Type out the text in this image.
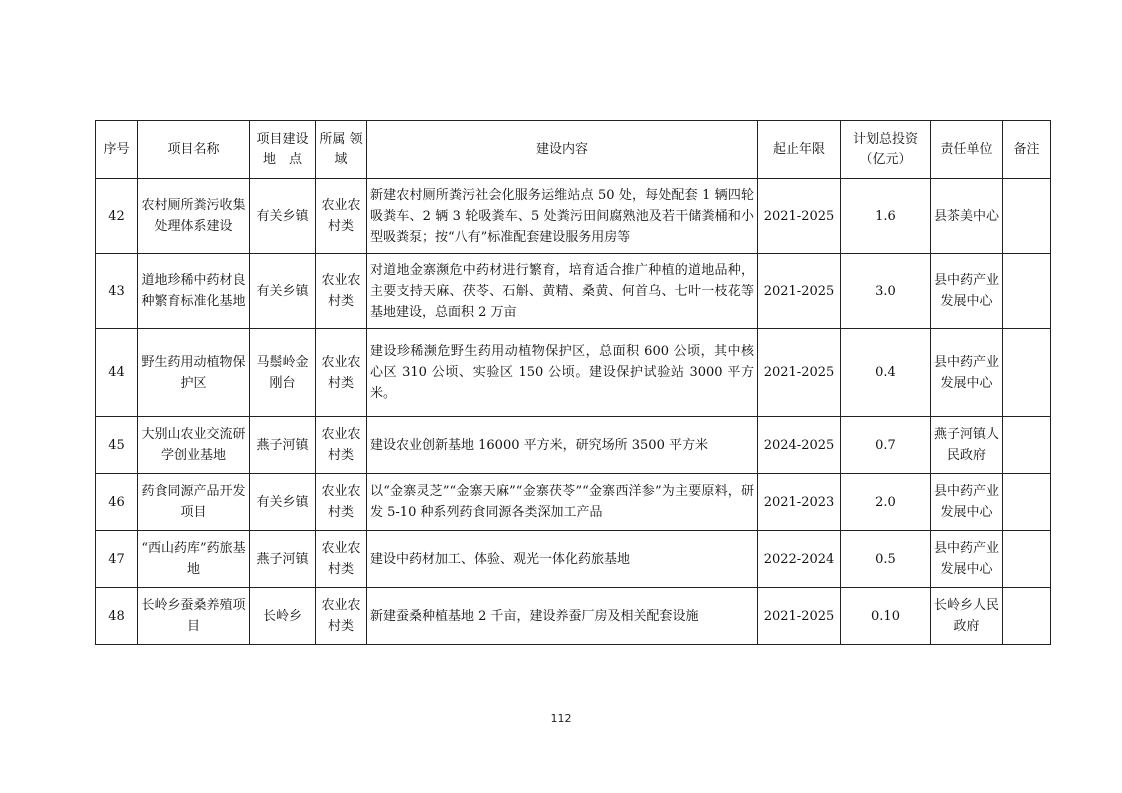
序号	项目名称	项目建设 地　点	所属 领域	建设内容	起止年限	计划总投资 （亿元）	责任单位	备注
42	农村厕所粪污收集处理体系建设	有关乡镇	农业农村类	新建农村厕所粪污社会化服务运维站点 50 处，每处配套 1 辆四轮吸粪车、2 辆 3 轮吸粪车、5 处粪污田间腐熟池及若干储粪桶和小型吸粪泵；按“八有”标准配套建设服务用房等	2021-2025	1.6	县茶美中心	
43	道地珍稀中药材良种繁育标准化基地	有关乡镇	农业农村类	对道地金寨濒危中药材进行繁育，培育适合推广种植的道地品种，主要支持天麻、茯苓、石斛、黄精、桑黄、何首乌、七叶一枝花等基地建设，总面积 2 万亩	2021-2025	3.0	县中药产业发展中心	
44	野生药用动植物保护区	马鬃岭金刚台	农业农村类	建设珍稀濒危野生药用动植物保护区，总面积 600 公顷，其中核心区 310 公顷、实验区 150 公顷。建设保护试验站 3000 平方米。	2021-2025	0.4	县中药产业发展中心	
45	大别山农业交流研学创业基地	燕子河镇	农业农村类	建设农业创新基地 16000 平方米，研究场所 3500 平方米	2024-2025	0.7	燕子河镇人民政府	
46	药食同源产品开发项目	有关乡镇	农业农村类	以“金寨灵芝”“金寨天麻”“金寨茯苓”“金寨西洋参”为主要原料，研发 5-10 种系列药食同源各类深加工产品	2021-2023	2.0	县中药产业发展中心	
47	“西山药库”药旅基地	燕子河镇	农业农村类	建设中药材加工、体验、观光一体化药旅基地	2022-2024	0.5	县中药产业发展中心	
48	长岭乡蚕桑养殖项目	长岭乡	农业农村类	新建蚕桑种植基地 2 千亩，建设养蚕厂房及相关配套设施	2021-2025	0.10	长岭乡人民政府	
112
